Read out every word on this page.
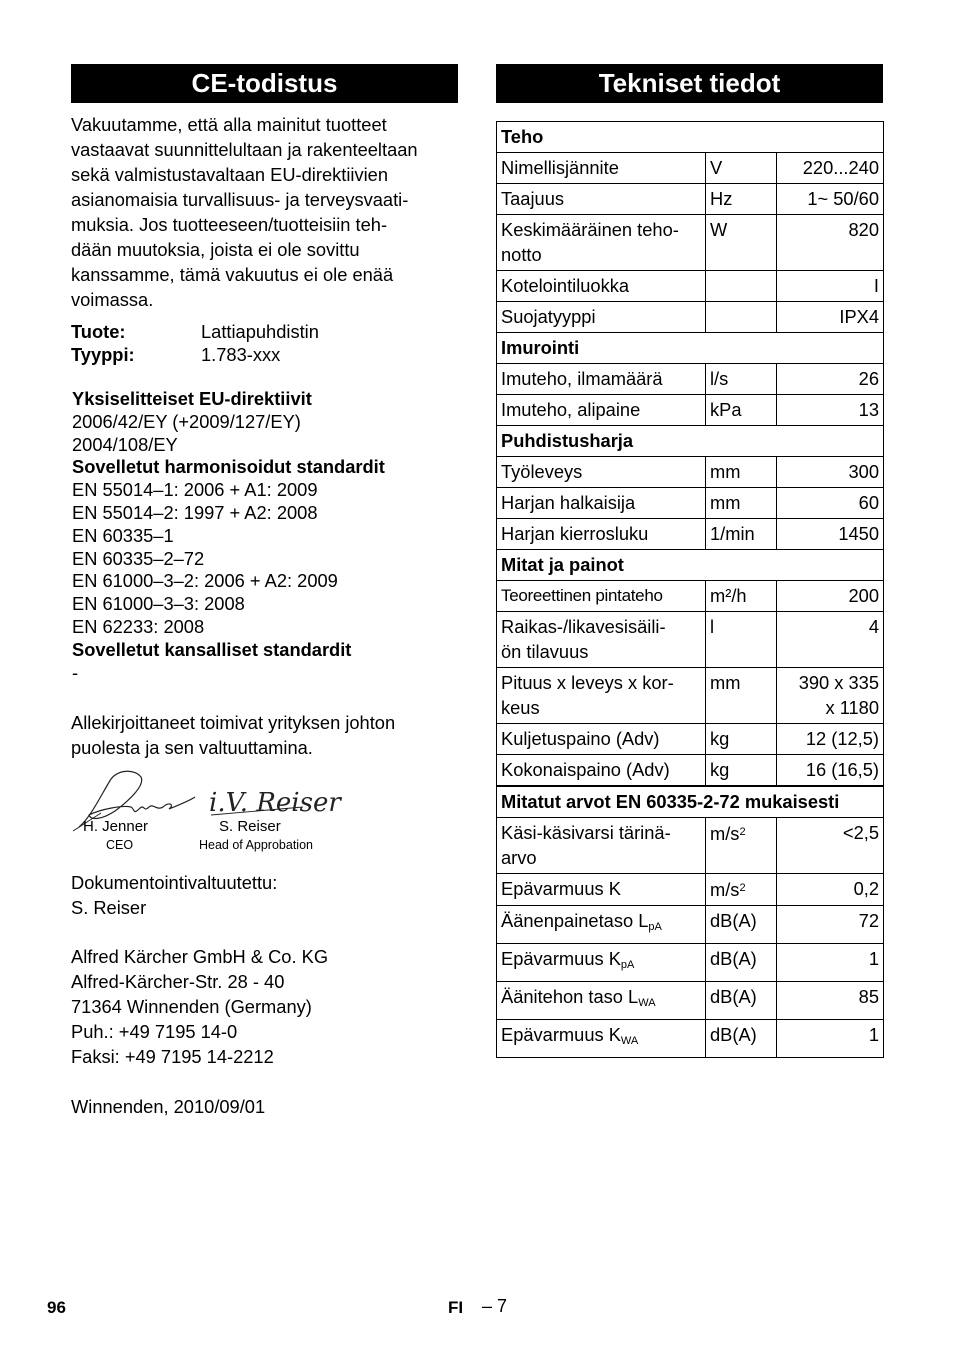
CE-todistus	Tekniset tiedot
Vakuutamme, että alla mainitut tuotteet
vastaavat suunnittelultaan ja rakenteeltaan
sekä valmistustavaltaan EU-direktiivien
asianomaisia turvallisuus- ja terveysvaati-
muksia. Jos tuotteeseen/tuotteisiin teh-
dään muutoksia, joista ei ole sovittu
kanssamme, tämä vakuutus ei ole enää
voimassa.
Tuote:	Lattiapuhdistin
Tyyppi:	1.783-xxx
Yksiselitteiset EU-direktiivit
2006/42/EY (+2009/127/EY)
2004/108/EY
Sovelletut harmonisoidut standardit
EN 55014–1: 2006 + A1: 2009
EN 55014–2: 1997 + A2: 2008
EN 60335–1
EN 60335–2–72
EN 61000–3–2: 2006 + A2: 2009
EN 61000–3–3: 2008
EN 62233: 2008
Sovelletut kansalliset standardit
-
Allekirjoittaneet toimivat yrityksen johton
puolesta ja sen valtuuttamina.
i.V. Reiser
H. Jenner
CEO
S. Reiser
Head of Approbation
Dokumentointivaltuutettu:
S. Reiser
Alfred Kärcher GmbH & Co. KG
Alfred-Kärcher-Str. 28 - 40
71364 Winnenden (Germany)
Puh.: +49 7195 14-0
Faksi: +49 7195 14-2212
Winnenden, 2010/09/01
Teho		
Nimellisjännite	V	220...240
Taajuus	Hz	1~ 50/60
Keskimääräinen teho-
notto	W	820
Kotelointiluokka		I
Suojatyyppi		IPX4
Imurointi		
Imuteho, ilmamäärä	l/s	26
Imuteho, alipaine	kPa	13
Puhdistusharja		
Työleveys	mm	300
Harjan halkaisija	mm	60
Harjan kierrosluku	1/min	1450
Mitat ja painot		
Teoreettinen pintateho	m²/h	200
Raikas-/likavesisäili-
ön tilavuus	l	4
Pituus x leveys x kor-
keus	mm	390 x 335
x 1180
Kuljetuspaino (Adv)	kg	12 (12,5)
Kokonaispaino (Adv)	kg	16 (16,5)
Mitatut arvot EN 60335-2-72 mukaisesti		
Käsi-käsivarsi tärinä-
arvo	$m/s^2$	<2,5
Epävarmuus K	$m/s^2$	0,2
Äänenpainetaso $L_{pA}$	dB(A)	72
Epävarmuus $K_{pA}$	dB(A)	1
Äänitehon taso $L_{WA}$	dB(A)	85
Epävarmuus $K_{WA}$	dB(A)	1
96	FI – 7
